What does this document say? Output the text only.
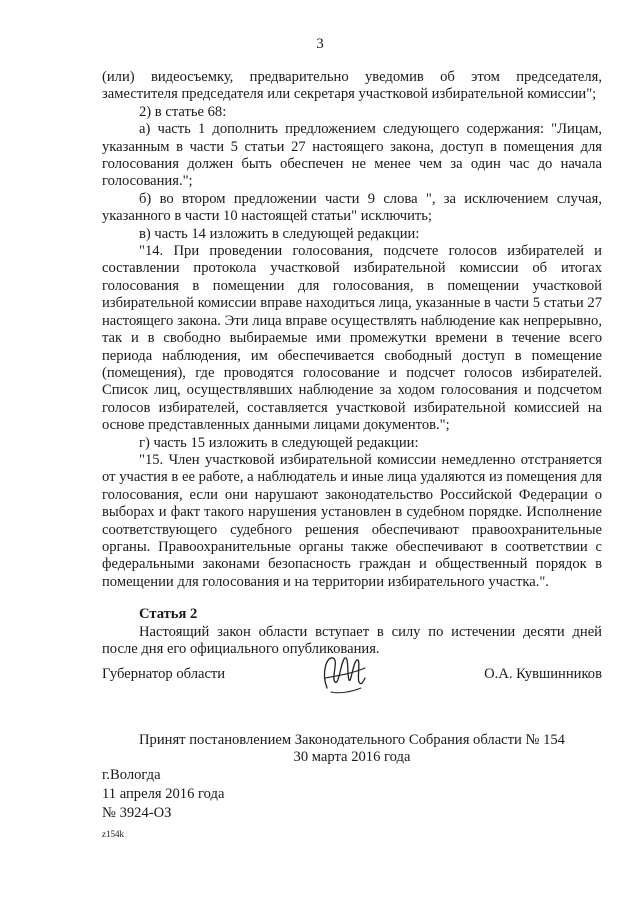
3

(или) видеосъемку, предварительно уведомив об этом председателя, заместителя председателя или секретаря участковой избирательной комиссии";

2) в статье 68:

а) часть 1 дополнить предложением следующего содержания: "Лицам, указанным в части 5 статьи 27 настоящего закона, доступ в помещения для голосования должен быть обеспечен не менее чем за один час до начала голосования.";

б) во втором предложении части 9 слова ", за исключением случая, указанного в части 10 настоящей статьи" исключить;

в) часть 14 изложить в следующей редакции:

"14. При проведении голосования, подсчете голосов избирателей и составлении протокола участковой избирательной комиссии об итогах голосования в помещении для голосования, в помещении участковой избирательной комиссии вправе находиться лица, указанные в части 5 статьи 27 настоящего закона. Эти лица вправе осуществлять наблюдение как непрерывно, так и в свободно выбираемые ими промежутки времени в течение всего периода наблюдения, им обеспечивается свободный доступ в помещение (помещения), где проводятся голосование и подсчет голосов избирателей. Список лиц, осуществлявших наблюдение за ходом голосования и подсчетом голосов избирателей, составляется участковой избирательной комиссией на основе представленных данными лицами документов.";

г) часть 15 изложить в следующей редакции:

"15. Член участковой избирательной комиссии немедленно отстраняется от участия в ее работе, а наблюдатель и иные лица удаляются из помещения для голосования, если они нарушают законодательство Российской Федерации о выборах и факт такого нарушения установлен в судебном порядке. Исполнение соответствующего судебного решения обеспечивают правоохранительные органы. Правоохранительные органы также обеспечивают в соответствии с федеральными законами безопасность граждан и общественный порядок в помещении для голосования и на территории избирательного участка.".

Статья 2

Настоящий закон области вступает в силу по истечении десяти дней после дня его официального опубликования.

Губернатор области	О.А. Кувшинников
Принят постановлением Законодательного Собрания области № 154
30 марта 2016 года
г.Вологда
11 апреля 2016 года
№ 3924-ОЗ
z154k
